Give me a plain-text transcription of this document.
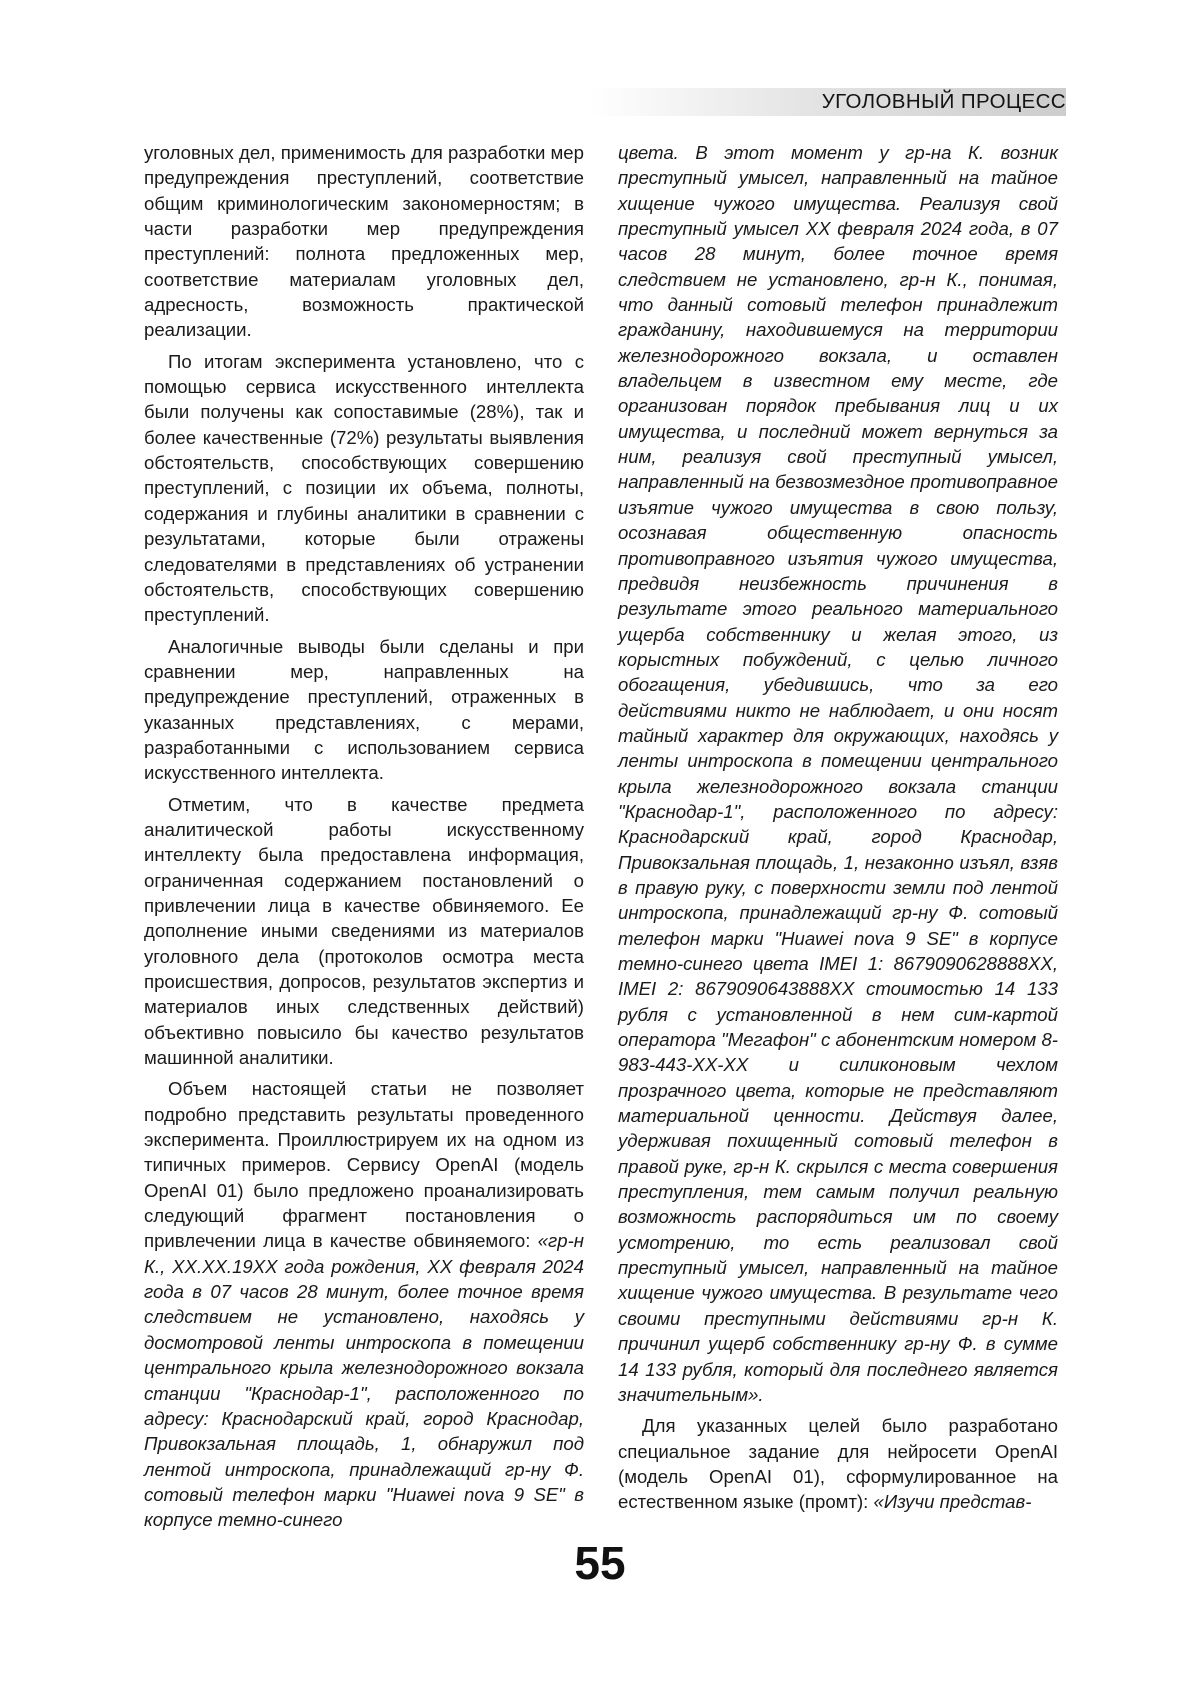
УГОЛОВНЫЙ ПРОЦЕСС

уголовных дел, применимость для разработки мер предупреждения преступлений, соответствие общим криминологическим закономерностям; в части разработки мер предупреждения преступлений: полнота предложенных мер, соответствие материалам уголовных дел, адресность, возможность практической реализации.

По итогам эксперимента установлено, что с помощью сервиса искусственного интеллекта были получены как сопоставимые (28%), так и более качественные (72%) результаты выявления обстоятельств, способствующих совершению преступлений, с позиции их объема, полноты, содержания и глубины аналитики в сравнении с результатами, которые были отражены следователями в представлениях об устранении обстоятельств, способствующих совершению преступлений.

Аналогичные выводы были сделаны и при сравнении мер, направленных на предупреждение преступлений, отраженных в указанных представлениях, с мерами, разработанными с использованием сервиса искусственного интеллекта.

Отметим, что в качестве предмета аналитической работы искусственному интеллекту была предоставлена информация, ограниченная содержанием постановлений о привлечении лица в качестве обвиняемого. Ее дополнение иными сведениями из материалов уголовного дела (протоколов осмотра места происшествия, допросов, результатов экспертиз и материалов иных следственных действий) объективно повысило бы качество результатов машинной аналитики.

Объем настоящей статьи не позволяет подробно представить результаты проведенного эксперимента. Проиллюстрируем их на одном из типичных примеров. Сервису OpenAI (модель OpenAI 01) было предложено проанализировать следующий фрагмент постановления о привлечении лица в качестве обвиняемого: «гр-н К., ХХ.ХХ.19ХХ года рождения, ХХ февраля 2024 года в 07 часов 28 минут, более точное время следствием не установлено, находясь у досмотровой ленты интроскопа в помещении центрального крыла железнодорожного вокзала станции "Краснодар-1", расположенного по адресу: Краснодарский край, город Краснодар, Привокзальная площадь, 1, обнаружил под лентой интроскопа, принадлежащий гр-ну Ф. сотовый телефон марки "Huawei nova 9 SE" в корпусе темно-синего

цвета. В этот момент у гр-на К. возник преступный умысел, направленный на тайное хищение чужого имущества. Реализуя свой преступный умысел ХХ февраля 2024 года, в 07 часов 28 минут, более точное время следствием не установлено, гр-н К., понимая, что данный сотовый телефон принадлежит гражданину, находившемуся на территории железнодорожного вокзала, и оставлен владельцем в известном ему месте, где организован порядок пребывания лиц и их имущества, и последний может вернуться за ним, реализуя свой преступный умысел, направленный на безвозмездное противоправное изъятие чужого имущества в свою пользу, осознавая общественную опасность противоправного изъятия чужого имущества, предвидя неизбежность причинения в результате этого реального материального ущерба собственнику и желая этого, из корыстных побуждений, с целью личного обогащения, убедившись, что за его действиями никто не наблюдает, и они носят тайный характер для окружающих, находясь у ленты интроскопа в помещении центрального крыла железнодорожного вокзала станции "Краснодар-1", расположенного по адресу: Краснодарский край, город Краснодар, Привокзальная площадь, 1, незаконно изъял, взяв в правую руку, с поверхности земли под лентой интроскопа, принадлежащий гр-ну Ф. сотовый телефон марки "Huawei nova 9 SE" в корпусе темно-синего цвета IMEI 1: 8679090628888ХХ, IMEI 2: 8679090643888ХХ стоимостью 14 133 рубля с установленной в нем сим-картой оператора "Мегафон" с абонентским номером 8-983-443-ХХ-ХХ и силиконовым чехлом прозрачного цвета, которые не представляют материальной ценности. Действуя далее, удерживая похищенный сотовый телефон в правой руке, гр-н К. скрылся с места совершения преступления, тем самым получил реальную возможность распорядиться им по своему усмотрению, то есть реализовал свой преступный умысел, направленный на тайное хищение чужого имущества. В результате чего своими преступными действиями гр-н К. причинил ущерб собственнику гр-ну Ф. в сумме 14 133 рубля, который для последнего является значительным».

Для указанных целей было разработано специальное задание для нейросети OpenAI (модель OpenAI 01), сформулированное на естественном языке (промт): «Изучи представ-

55
